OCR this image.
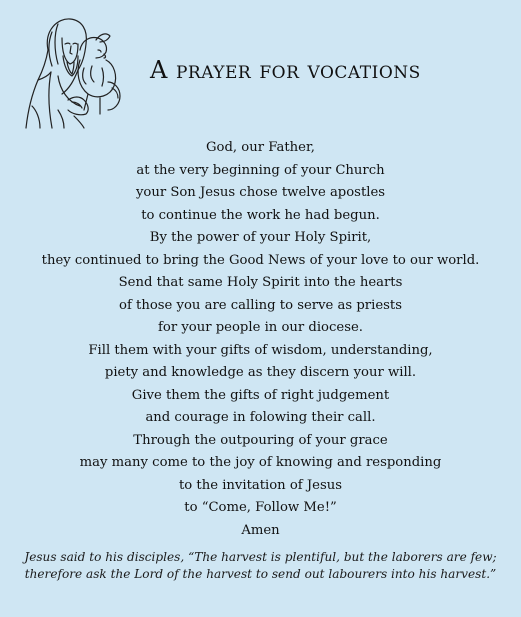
A prayer for vocations
God, our Father,
at the very beginning of your Church
your Son Jesus chose twelve apostles
to continue the work he had begun.
By the power of your Holy Spirit,
they continued to bring the Good News of your love to our world.
Send that same Holy Spirit into the hearts
of those you are calling to serve as priests
for your people in our diocese.
Fill them with your gifts of wisdom, understanding,
piety and knowledge as they discern your will.
Give them the gifts of right judgement
and courage in folowing their call.
Through the outpouring of your grace
may many come to the joy of knowing and responding
to the invitation of Jesus
to “Come, Follow Me!”
Amen
Jesus said to his disciples, “The harvest is plentiful, but the laborers are few;
therefore ask the Lord of the harvest to send out labourers into his harvest.”
